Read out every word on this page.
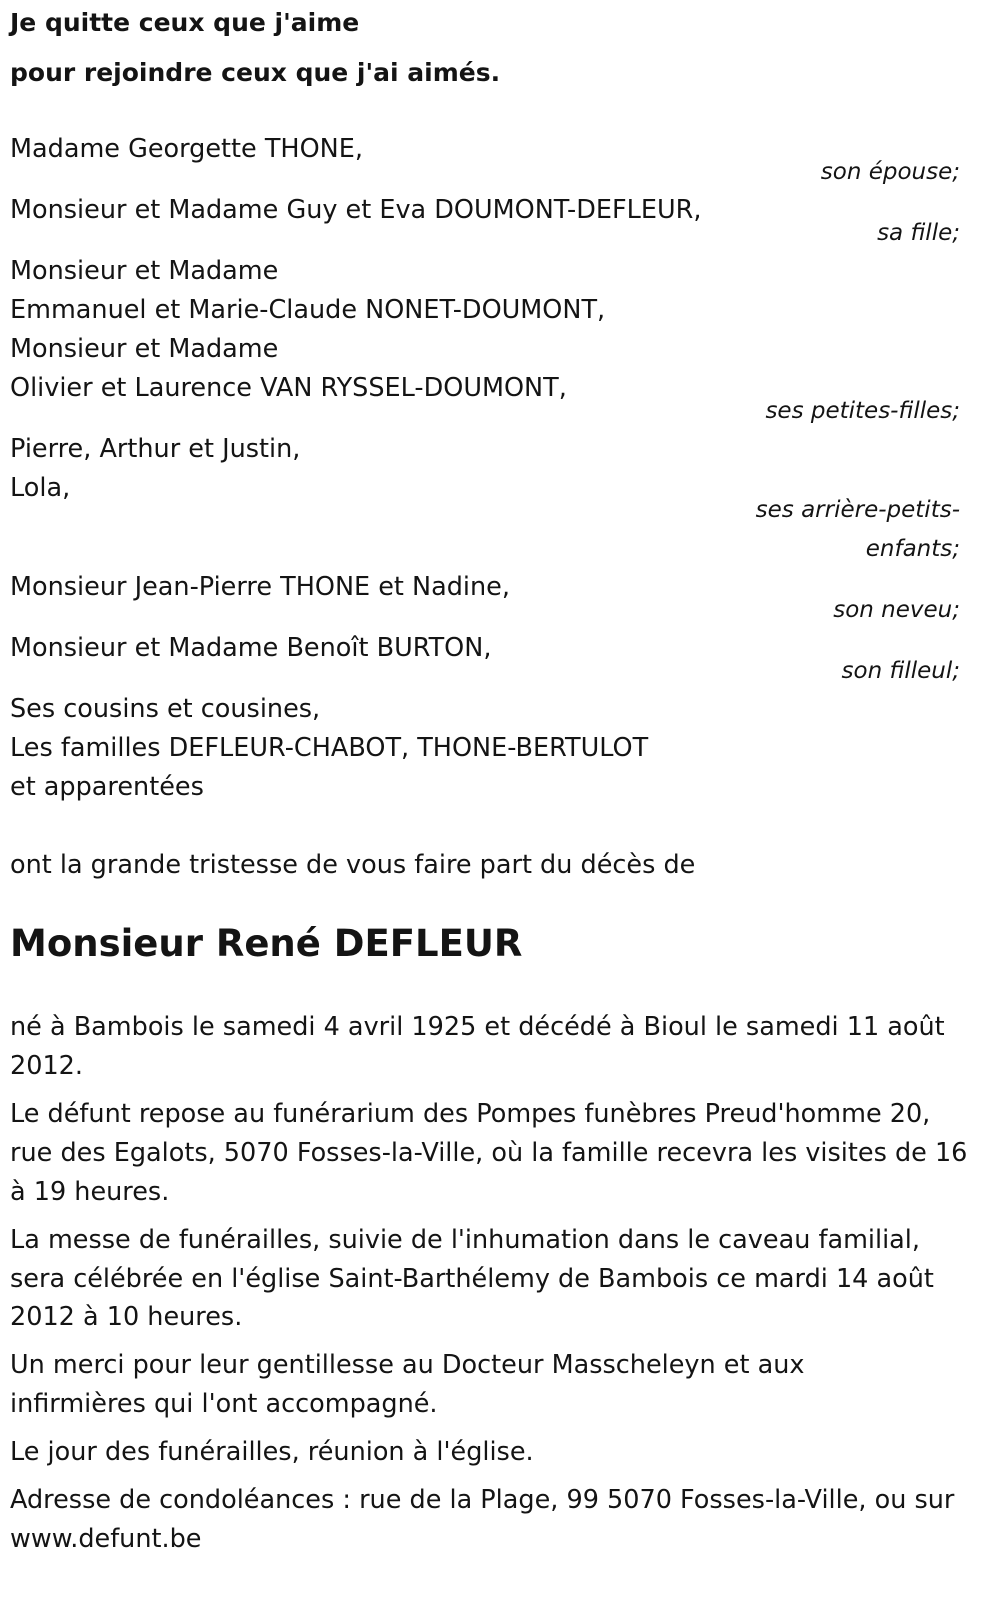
Je quitte ceux que j'aime
pour rejoindre ceux que j'ai aimés.
Madame Georgette THONE,
Monsieur et Madame Guy et Eva DOUMONT-DEFLEUR,
Monsieur et Madame
Emmanuel et Marie-Claude NONET-DOUMONT,
Monsieur et Madame
Olivier et Laurence VAN RYSSEL-DOUMONT,
Pierre, Arthur et Justin,
Lola,
Monsieur Jean-Pierre THONE et Nadine,
Monsieur et Madame Benoît BURTON,
Ses cousins et cousines,
Les familles DEFLEUR-CHABOT, THONE-BERTULOT
et apparentées
son épouse;
sa fille;
ses petites-filles;
ses arrière-petits-
enfants;
son neveu;
son filleul;
ont la grande tristesse de vous faire part du décès de
Monsieur René DEFLEUR
né à Bambois le samedi 4 avril 1925 et décédé à Bioul le samedi 11 août
2012.
Le défunt repose au funérarium des Pompes funèbres Preud'homme 20,
rue des Egalots, 5070 Fosses-la-Ville, où la famille recevra les visites de 16
à 19 heures.
La messe de funérailles, suivie de l'inhumation dans le caveau familial,
sera célébrée en l'église Saint-Barthélemy de Bambois ce mardi 14 août
2012 à 10 heures.
Un merci pour leur gentillesse au Docteur Masscheleyn et aux
infirmières qui l'ont accompagné.
Le jour des funérailles, réunion à l'église.
Adresse de condoléances : rue de la Plage, 99 5070 Fosses-la-Ville, ou sur
www.defunt.be
